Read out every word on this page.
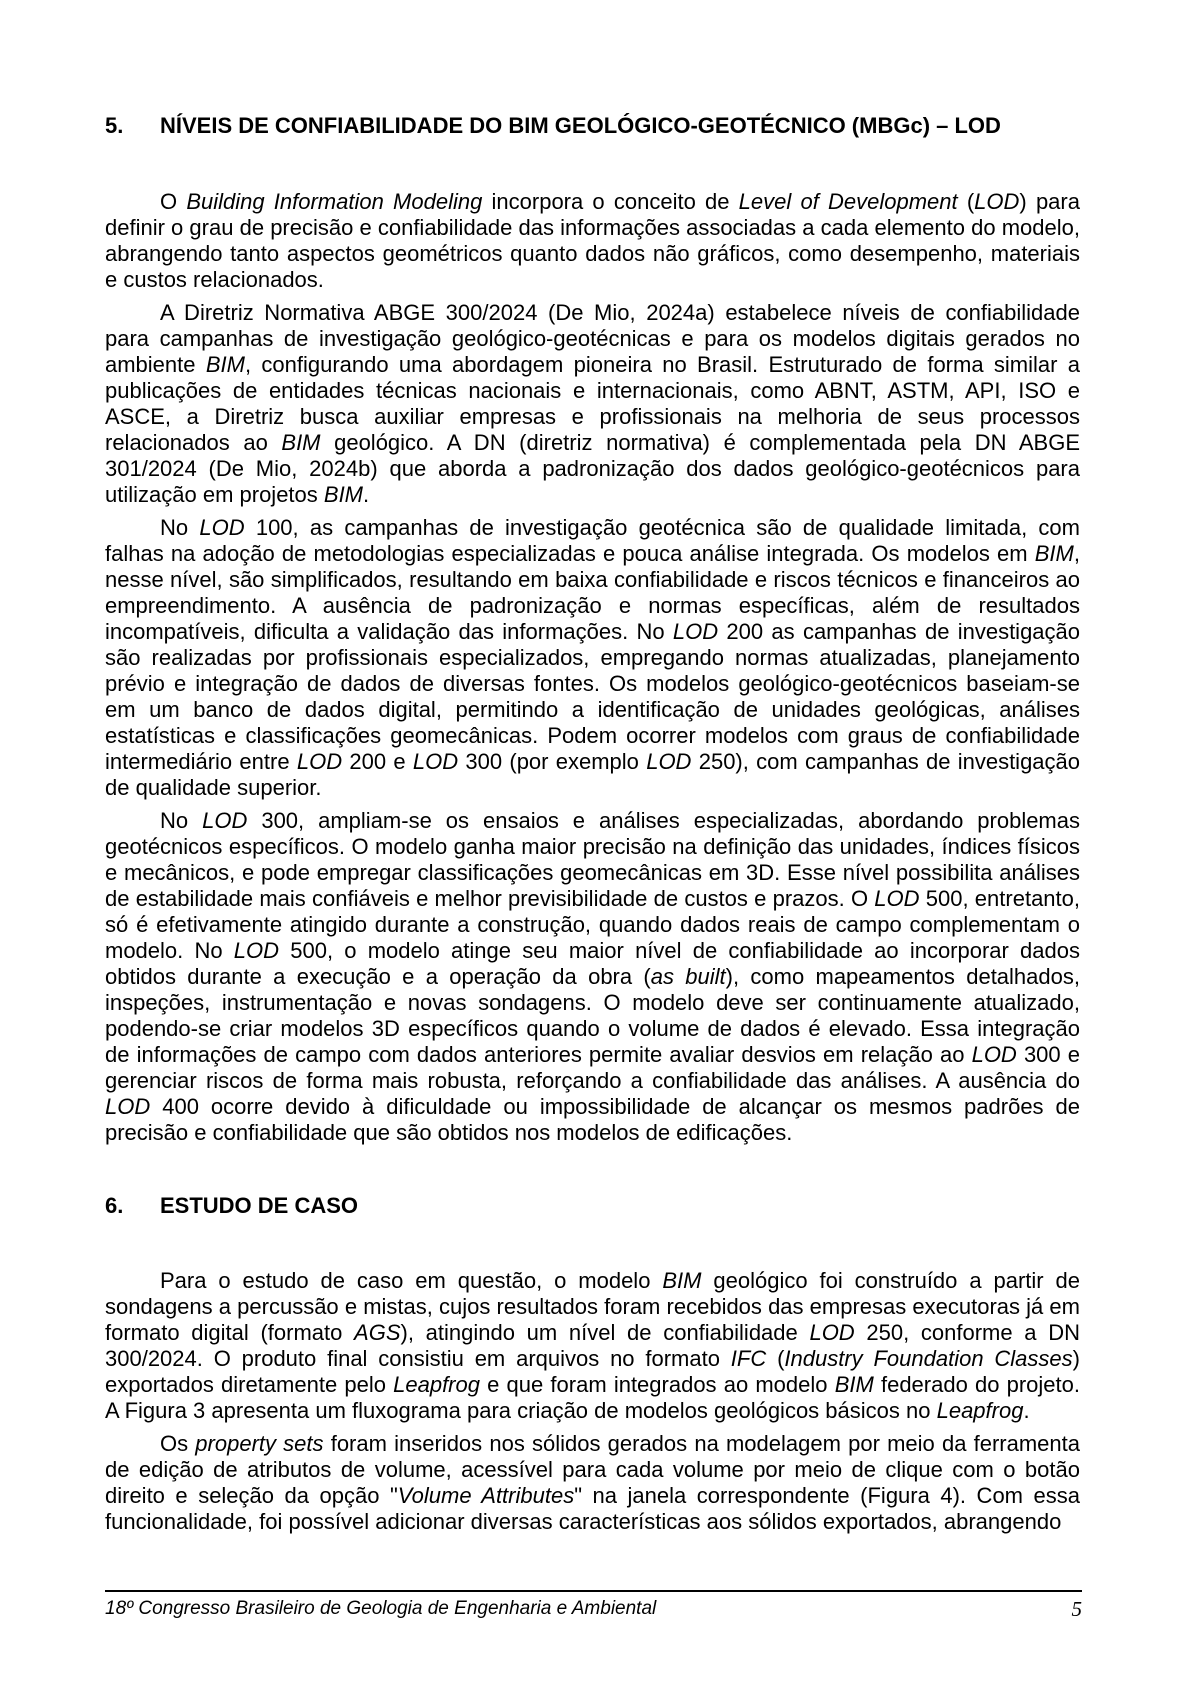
5.	NÍVEIS DE CONFIABILIDADE DO BIM GEOLÓGICO-GEOTÉCNICO (MBGc) – LOD

O Building Information Modeling incorpora o conceito de Level of Development (LOD) para definir o grau de precisão e confiabilidade das informações associadas a cada elemento do modelo, abrangendo tanto aspectos geométricos quanto dados não gráficos, como desempenho, materiais e custos relacionados.

A Diretriz Normativa ABGE 300/2024 (De Mio, 2024a) estabelece níveis de confiabilidade para campanhas de investigação geológico-geotécnicas e para os modelos digitais gerados no ambiente BIM, configurando uma abordagem pioneira no Brasil. Estruturado de forma similar a publicações de entidades técnicas nacionais e internacionais, como ABNT, ASTM, API, ISO e ASCE, a Diretriz busca auxiliar empresas e profissionais na melhoria de seus processos relacionados ao BIM geológico. A DN (diretriz normativa) é complementada pela DN ABGE 301/2024 (De Mio, 2024b) que aborda a padronização dos dados geológico-geotécnicos para utilização em projetos BIM.

No LOD 100, as campanhas de investigação geotécnica são de qualidade limitada, com falhas na adoção de metodologias especializadas e pouca análise integrada. Os modelos em BIM, nesse nível, são simplificados, resultando em baixa confiabilidade e riscos técnicos e financeiros ao empreendimento. A ausência de padronização e normas específicas, além de resultados incompatíveis, dificulta a validação das informações. No LOD 200 as campanhas de investigação são realizadas por profissionais especializados, empregando normas atualizadas, planejamento prévio e integração de dados de diversas fontes. Os modelos geológico-geotécnicos baseiam-se em um banco de dados digital, permitindo a identificação de unidades geológicas, análises estatísticas e classificações geomecânicas. Podem ocorrer modelos com graus de confiabilidade intermediário entre LOD 200 e LOD 300 (por exemplo LOD 250), com campanhas de investigação de qualidade superior.

No LOD 300, ampliam-se os ensaios e análises especializadas, abordando problemas geotécnicos específicos. O modelo ganha maior precisão na definição das unidades, índices físicos e mecânicos, e pode empregar classificações geomecânicas em 3D. Esse nível possibilita análises de estabilidade mais confiáveis e melhor previsibilidade de custos e prazos. O LOD 500, entretanto, só é efetivamente atingido durante a construção, quando dados reais de campo complementam o modelo. No LOD 500, o modelo atinge seu maior nível de confiabilidade ao incorporar dados obtidos durante a execução e a operação da obra (as built), como mapeamentos detalhados, inspeções, instrumentação e novas sondagens. O modelo deve ser continuamente atualizado, podendo-se criar modelos 3D específicos quando o volume de dados é elevado. Essa integração de informações de campo com dados anteriores permite avaliar desvios em relação ao LOD 300 e gerenciar riscos de forma mais robusta, reforçando a confiabilidade das análises. A ausência do LOD 400 ocorre devido à dificuldade ou impossibilidade de alcançar os mesmos padrões de precisão e confiabilidade que são obtidos nos modelos de edificações.

6.	ESTUDO DE CASO

Para o estudo de caso em questão, o modelo BIM geológico foi construído a partir de sondagens a percussão e mistas, cujos resultados foram recebidos das empresas executoras já em formato digital (formato AGS), atingindo um nível de confiabilidade LOD 250, conforme a DN 300/2024. O produto final consistiu em arquivos no formato IFC (Industry Foundation Classes) exportados diretamente pelo Leapfrog e que foram integrados ao modelo BIM federado do projeto. A Figura 3 apresenta um fluxograma para criação de modelos geológicos básicos no Leapfrog.

Os property sets foram inseridos nos sólidos gerados na modelagem por meio da ferramenta de edição de atributos de volume, acessível para cada volume por meio de clique com o botão direito e seleção da opção "Volume Attributes" na janela correspondente (Figura 4). Com essa funcionalidade, foi possível adicionar diversas características aos sólidos exportados, abrangendo

18º Congresso Brasileiro de Geologia de Engenharia e Ambiental	5
